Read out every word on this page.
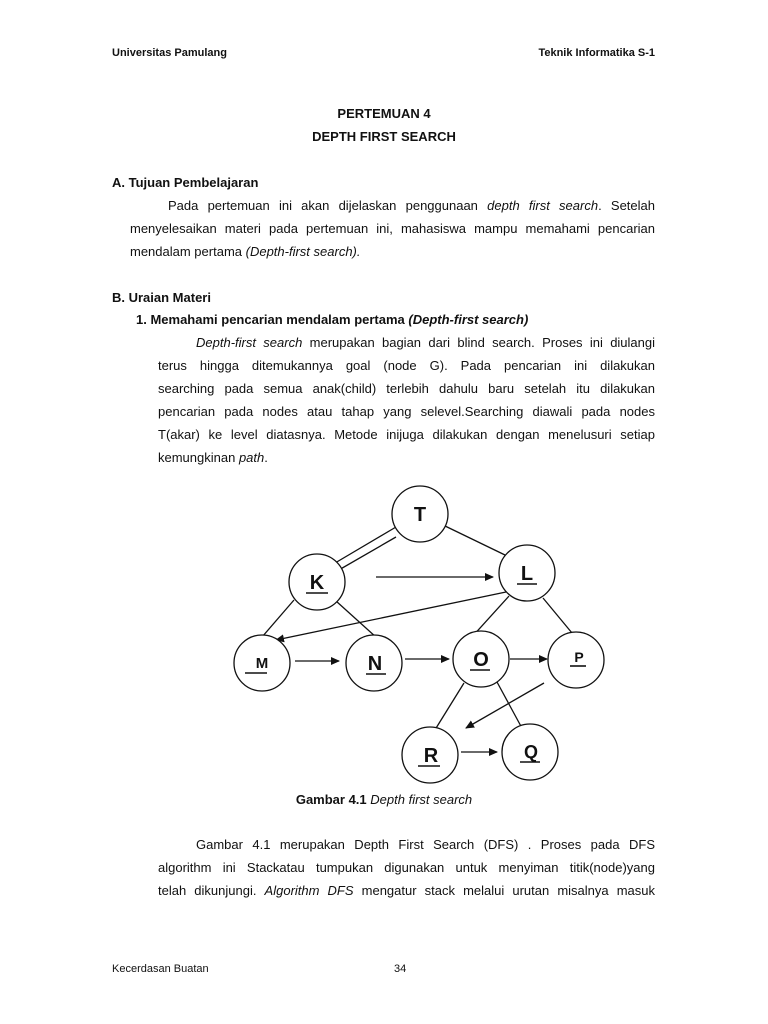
Universitas Pamulang	Teknik Informatika S-1
PERTEMUAN 4
DEPTH FIRST SEARCH
A. Tujuan Pembelajaran
Pada pertemuan ini akan dijelaskan penggunaan depth first search. Setelah
menyelesaikan materi pada pertemuan ini, mahasiswa mampu memahami pencarian
mendalam pertama (Depth-first search).
B. Uraian Materi
1. Memahami pencarian mendalam pertama (Depth-first search)
Depth-first search merupakan bagian dari blind search. Proses ini diulangi
terus hingga ditemukannya goal (node G). Pada pencarian ini dilakukan
searching pada semua anak(child) terlebih dahulu baru setelah itu dilakukan
pencarian pada nodes atau tahap yang selevel.Searching diawali pada nodes
T(akar) ke level diatasnya. Metode inijuga dilakukan dengan menelusuri setiap
kemungkinan path.
T
K	L
M	N	O	P
R	Q
Gambar 4.1 Depth first search
Gambar 4.1 merupakan Depth First Search (DFS) . Proses pada DFS
algorithm ini Stackatau tumpukan digunakan untuk menyiman titik(node)yang
telah dikunjungi. Algorithm DFS mengatur stack melalui urutan misalnya masuk
Kecerdasan Buatan	34
